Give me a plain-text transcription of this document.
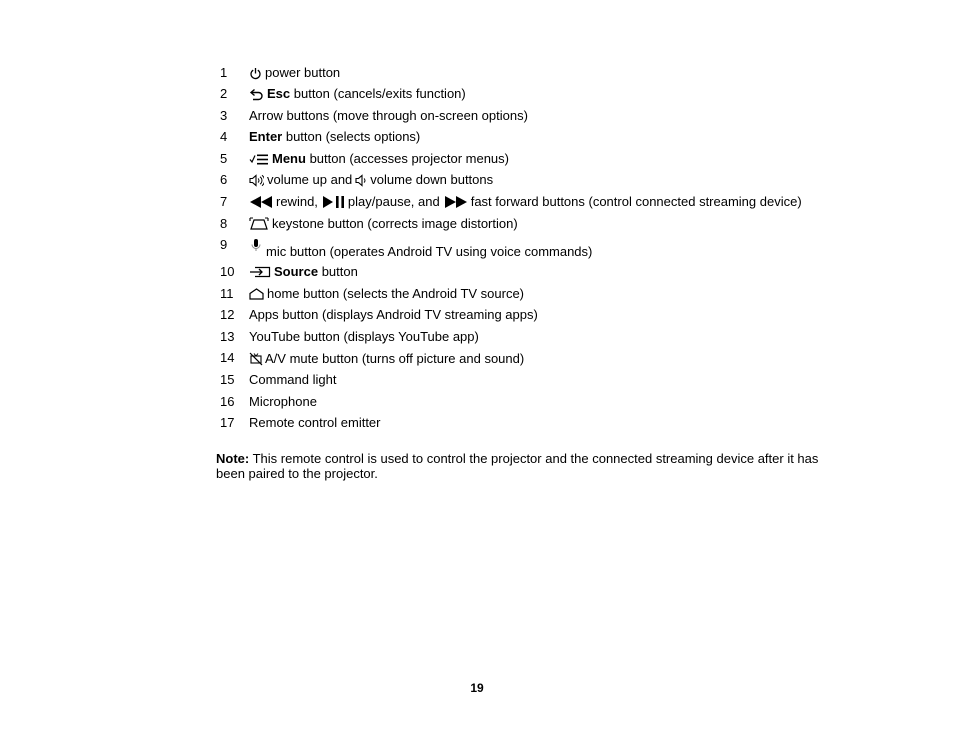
1	power button
2	Esc button (cancels/exits function)
3	Arrow buttons (move through on-screen options)
4	Enter button (selects options)
5	Menu button (accesses projector menus)
6	volume up and volume down buttons
7	rewind, play/pause, and fast forward buttons (control connected streaming device)
8	keystone button (corrects image distortion)
9	mic button (operates Android TV using voice commands)
10	Source button
11	home button (selects the Android TV source)
12	Apps button (displays Android TV streaming apps)
13	YouTube button (displays YouTube app)
14	A/V mute button (turns off picture and sound)
15	Command light
16	Microphone
17	Remote control emitter
Note: This remote control is used to control the projector and the connected streaming device after it has been paired to the projector.
19
